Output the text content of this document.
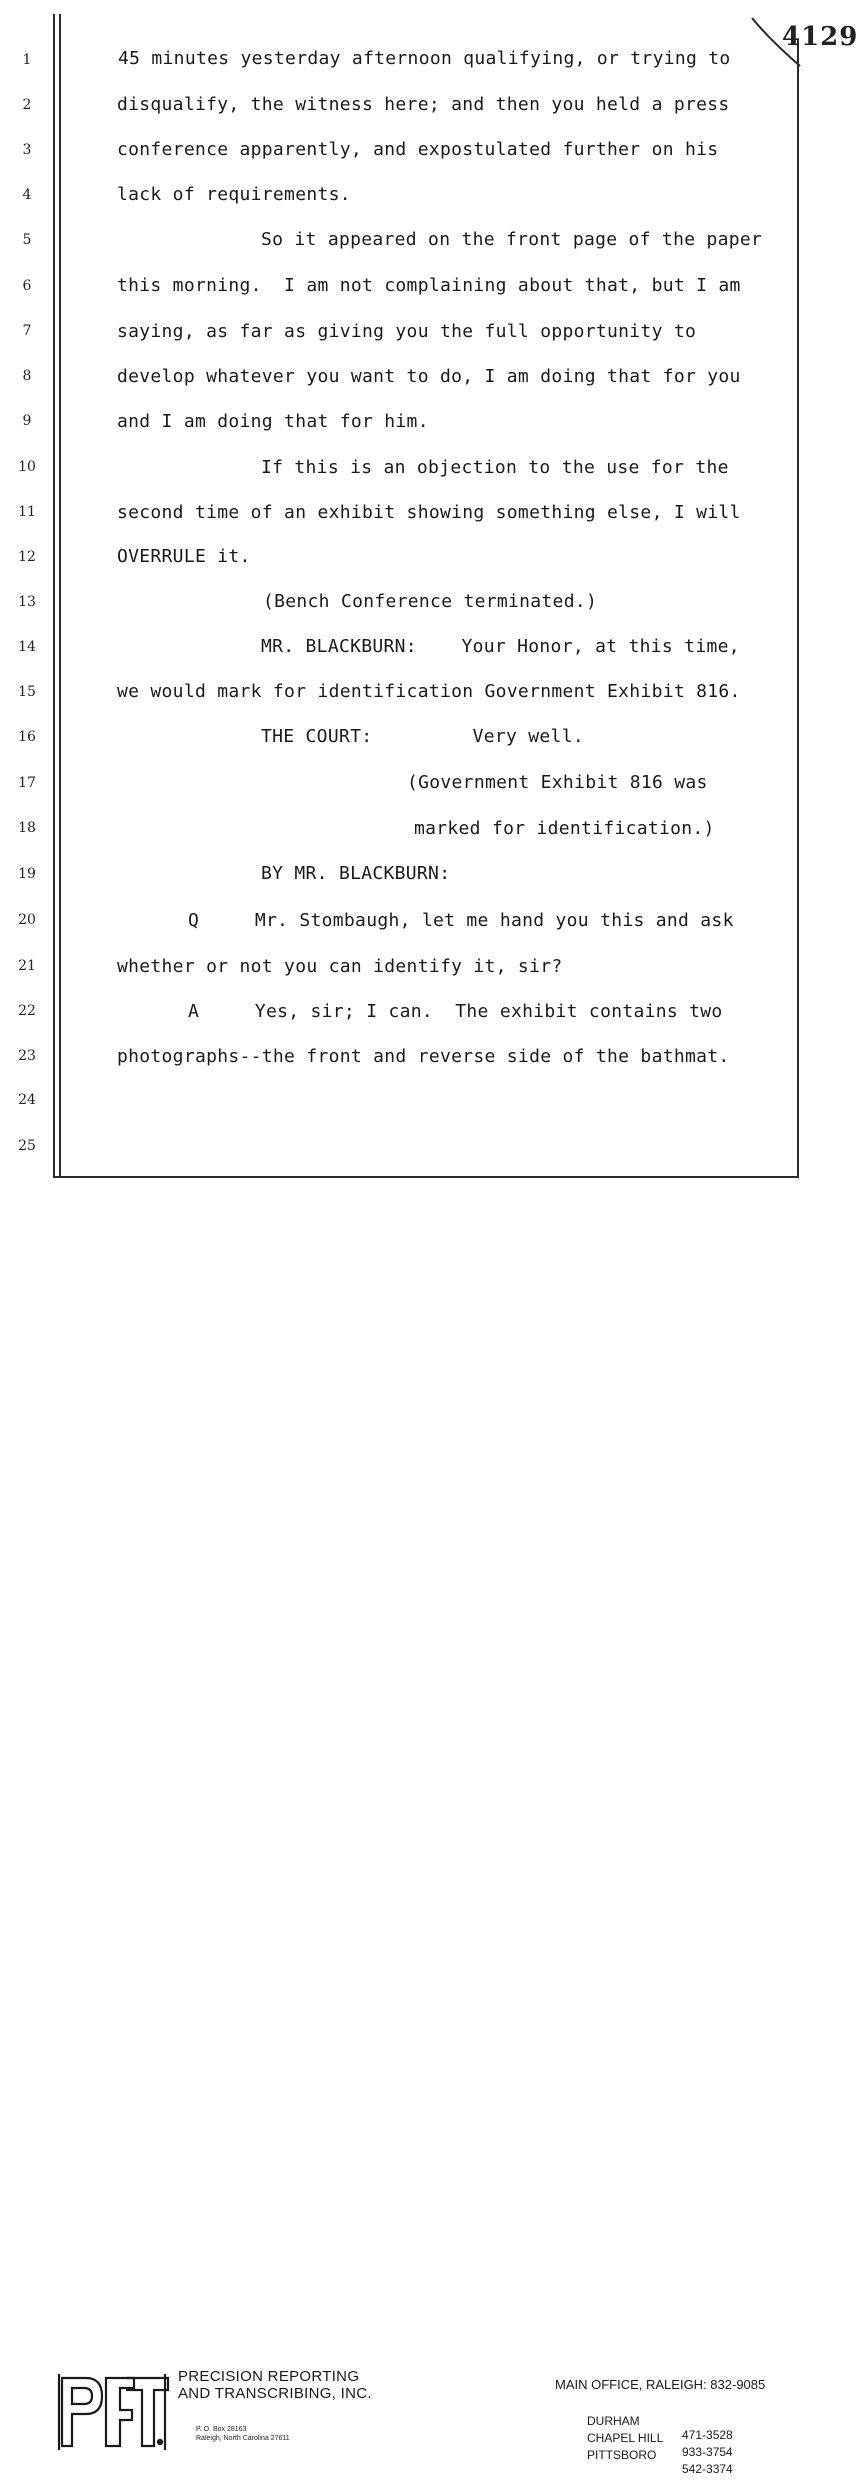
4129
1
2
3
4
5
6
7
8
9
10
11
12
13
14
15
16
17
18
19
20
21
22
23
24
25
45 minutes yesterday afternoon qualifying, or trying to
disqualify, the witness here; and then you held a press
conference apparently, and expostulated further on his
lack of requirements.
So it appeared on the front page of the paper
this morning.  I am not complaining about that, but I am
saying, as far as giving you the full opportunity to
develop whatever you want to do, I am doing that for you
and I am doing that for him.
If this is an objection to the use for the
second time of an exhibit showing something else, I will
OVERRULE it.
(Bench Conference terminated.)
MR. BLACKBURN:    Your Honor, at this time,
we would mark for identification Government Exhibit 816.
THE COURT:         Very well.
(Government Exhibit 816 was
marked for identification.)
BY MR. BLACKBURN:
Q     Mr. Stombaugh, let me hand you this and ask
whether or not you can identify it, sir?
A     Yes, sir; I can.  The exhibit contains two
photographs--the front and reverse side of the bathmat.
PRECISION REPORTING
AND TRANSCRIBING, INC.
P. O. Box 28163
Raleigh, North Carolina 27611
MAIN OFFICE, RALEIGH: 832-9085

DURHAM

471-3528

CHAPEL HILL

933-3754

PITTSBORO

542-3374
